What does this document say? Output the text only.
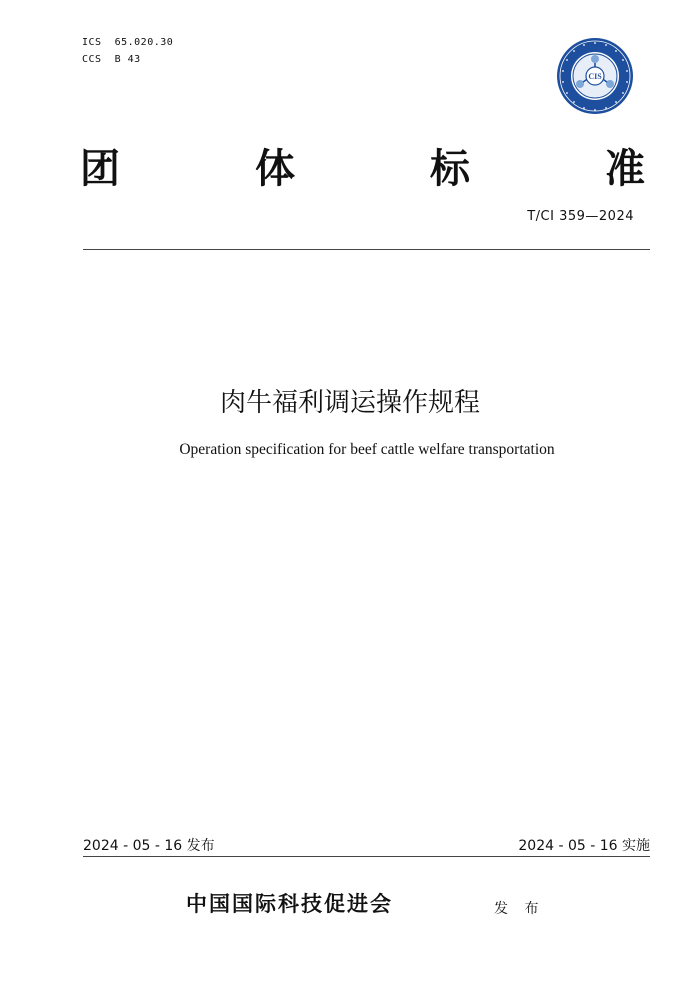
ICS  65.020.30
CCS  B 43
CIS
团	体	标	准
T/CI 359—2024
肉牛福利调运操作规程
Operation specification for beef cattle welfare transportation
2024 - 05 - 16 发布	2024 - 05 - 16 实施
中国国际科技促进会	发 布
